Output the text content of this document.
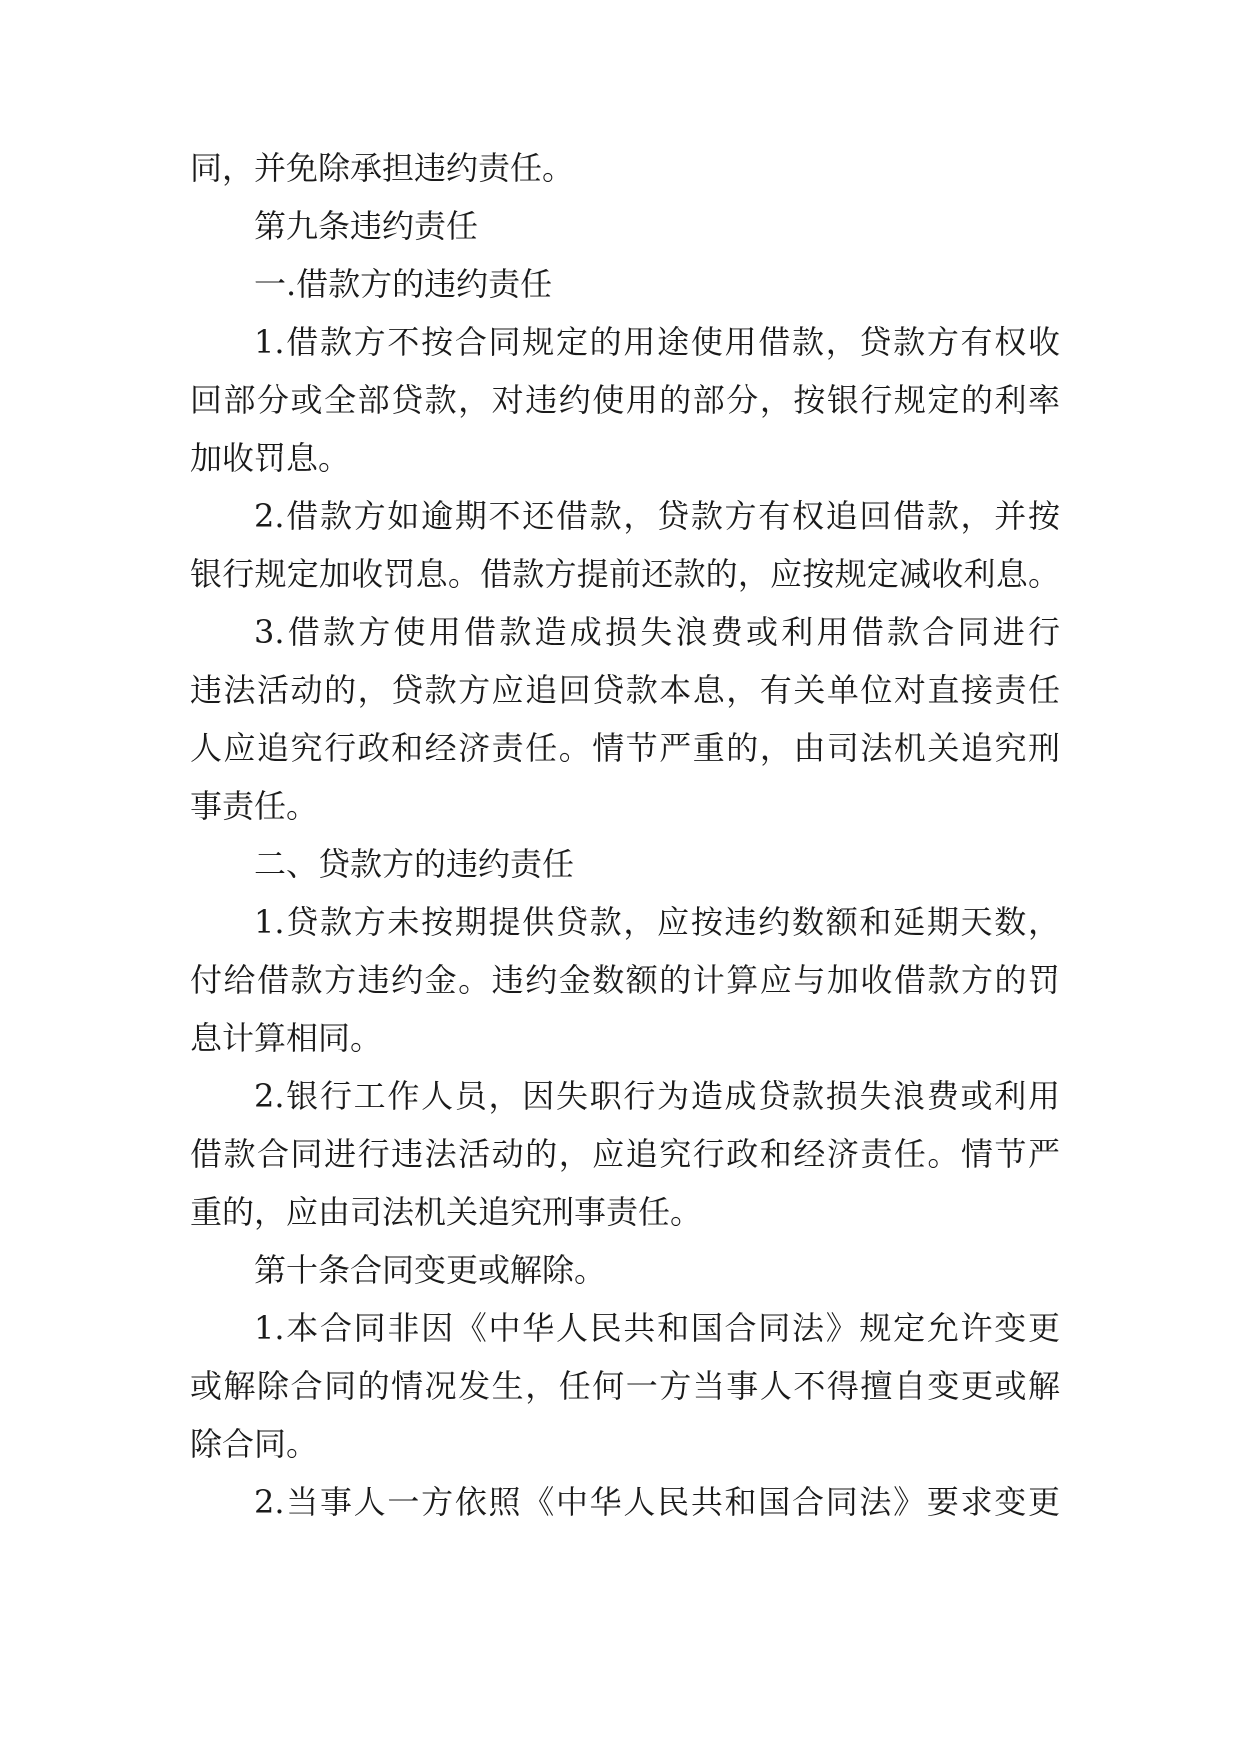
同，并免除承担违约责任。
第九条违约责任
一.借款方的违约责任
1.借款方不按合同规定的用途使用借款，贷款方有权收
回部分或全部贷款，对违约使用的部分，按银行规定的利率
加收罚息。
2.借款方如逾期不还借款，贷款方有权追回借款，并按
银行规定加收罚息。借款方提前还款的，应按规定减收利息。
3.借款方使用借款造成损失浪费或利用借款合同进行
违法活动的，贷款方应追回贷款本息，有关单位对直接责任
人应追究行政和经济责任。情节严重的，由司法机关追究刑
事责任。
二、贷款方的违约责任
1.贷款方未按期提供贷款，应按违约数额和延期天数，
付给借款方违约金。违约金数额的计算应与加收借款方的罚
息计算相同。
2.银行工作人员，因失职行为造成贷款损失浪费或利用
借款合同进行违法活动的，应追究行政和经济责任。情节严
重的，应由司法机关追究刑事责任。
第十条合同变更或解除。
1.本合同非因《中华人民共和国合同法》规定允许变更
或解除合同的情况发生，任何一方当事人不得擅自变更或解
除合同。
2.当事人一方依照《中华人民共和国合同法》要求变更
